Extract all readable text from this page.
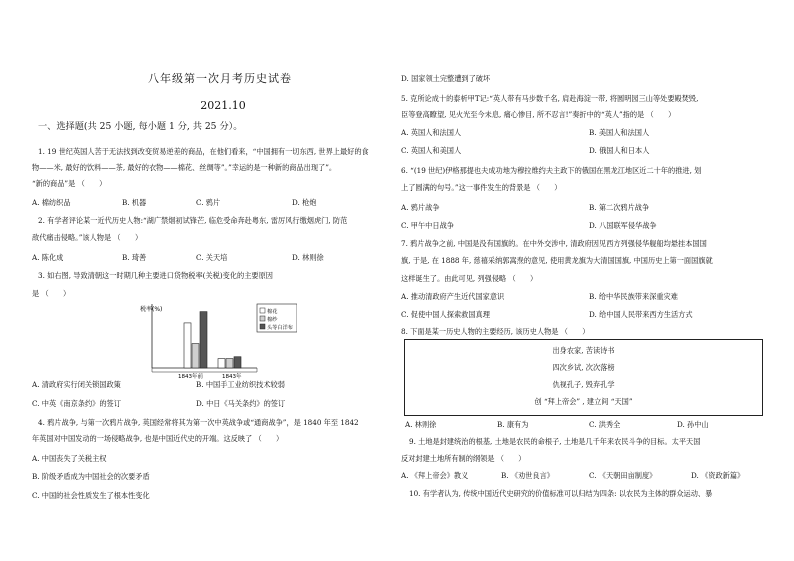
八年级第一次月考历史试卷
2021.10
一、选择题(共 25 小题, 每小题 1 分, 共 25 分）。
1. 19 世纪英国人苦于无法找到改变贸易逆差的商品，在他们看来，“中国拥有一切东西, 世界上最好的食
物——米, 最好的饮料——茶, 最好的衣物——棉花、丝绸等”。”幸运的是一种新的商品出现了”。
“新的商品”是 （　　）
A. 棉纺织品	B. 机器	C. 鸦片	D. 枪炮
2. 有学者评论某一近代历史人物:“湖广禁烟初试锋芒, 临危受命奔赴粤东, 雷厉风行缴烟虎门, 防范
敌代痛击侵略。”该人物是 （　　）
A. 陈化成	B. 琦善	C. 关天培	D. 林则徐
3. 如右图, 导致清朝这一时期几种主要进口货物税率(关税)变化的主要原因
是 （　　）
税率(%)
1843年前	1843年
棉花
棉纱
头等白洋布
A. 清政府实行闭关锁国政策	B. 中国手工业纺织技术较弱
C. 中英《南京条约》的签订	D. 中日《马关条约》的签订
4. 鸦片战争, 与第一次鸦片战争, 英国经常将其为第一次中英战争或“通商战争”，是 1840 年至 1842
年英国对中国发动的一场侵略战争, 也是中国近代史的开端。这反映了 （　　）
A. 中国丧失了关税主权
B. 阶级矛盾成为中国社会的次要矛盾
C. 中国的社会性质发生了根本性变化
D. 国家领土完整遭到了破坏
5. 克所论成十的泰析甲T记:“英人带有马步数千名, 肩赴海淀一带, 将圆明园三山等处要殿焚毁,
臣等登高瞭望, 见火光至今未息, 痛心惨目, 所不忍言!”奏折中的“英人”指的是 （　　）
A. 英国人和法国人	B. 美国人和法国人
C. 英国人和美国人	D. 俄国人和日本人
6. “(19 世纪)伊格那提也夫成功地为穆拉维约夫主政下的俄国在黑龙江地区近二十年的推进, 划
上了圆满的句号。”这一事件发生的背景是 （　　）
A. 鸦片战争	B. 第二次鸦片战争
C. 甲午中日战争	D. 八国联军侵华战争
7. 鸦片战争之前, 中国是没有国旗的。在中外交涉中, 清政府因见西方列强侵华舰船均悬挂本国国
旗, 于是, 在 1888 年, 慈禧采纳郭嵩焘的意见, 使用黄龙旗为大清国国旗, 中国历史上第一面国旗就
这样诞生了。由此可见, 列强侵略 （　　）
A. 推动清政府产生近代国家意识	B. 给中华民族带来深重灾难
C. 促使中国人探索救国真理	D. 给中国人民带来西方生活方式
8. 下面是某一历史人物的主要经历, 该历史人物是 （　　）
出身农家, 苦读诗书
四次乡试, 次次落榜
仇视孔子, 毁弃孔学
创 “拜上帝会” , 建立间 “天国”
A. 林则徐	B. 康有为	C. 洪秀全	D. 孙中山
9. 土地是封建统治的根基, 土地是农民的命根子, 土地是几千年来农民斗争的目标。太平天国
反对封建土地所有制的纲领是 （　　）
A. 《拜上帝会》教义	B. 《劝世良言》	C. 《天朝田亩制度》	D. 《资政新篇》
10. 有学者认为, 传统中国近代史研究的价值标准可以归结为四条: 以农民为主体的群众运动、暴
